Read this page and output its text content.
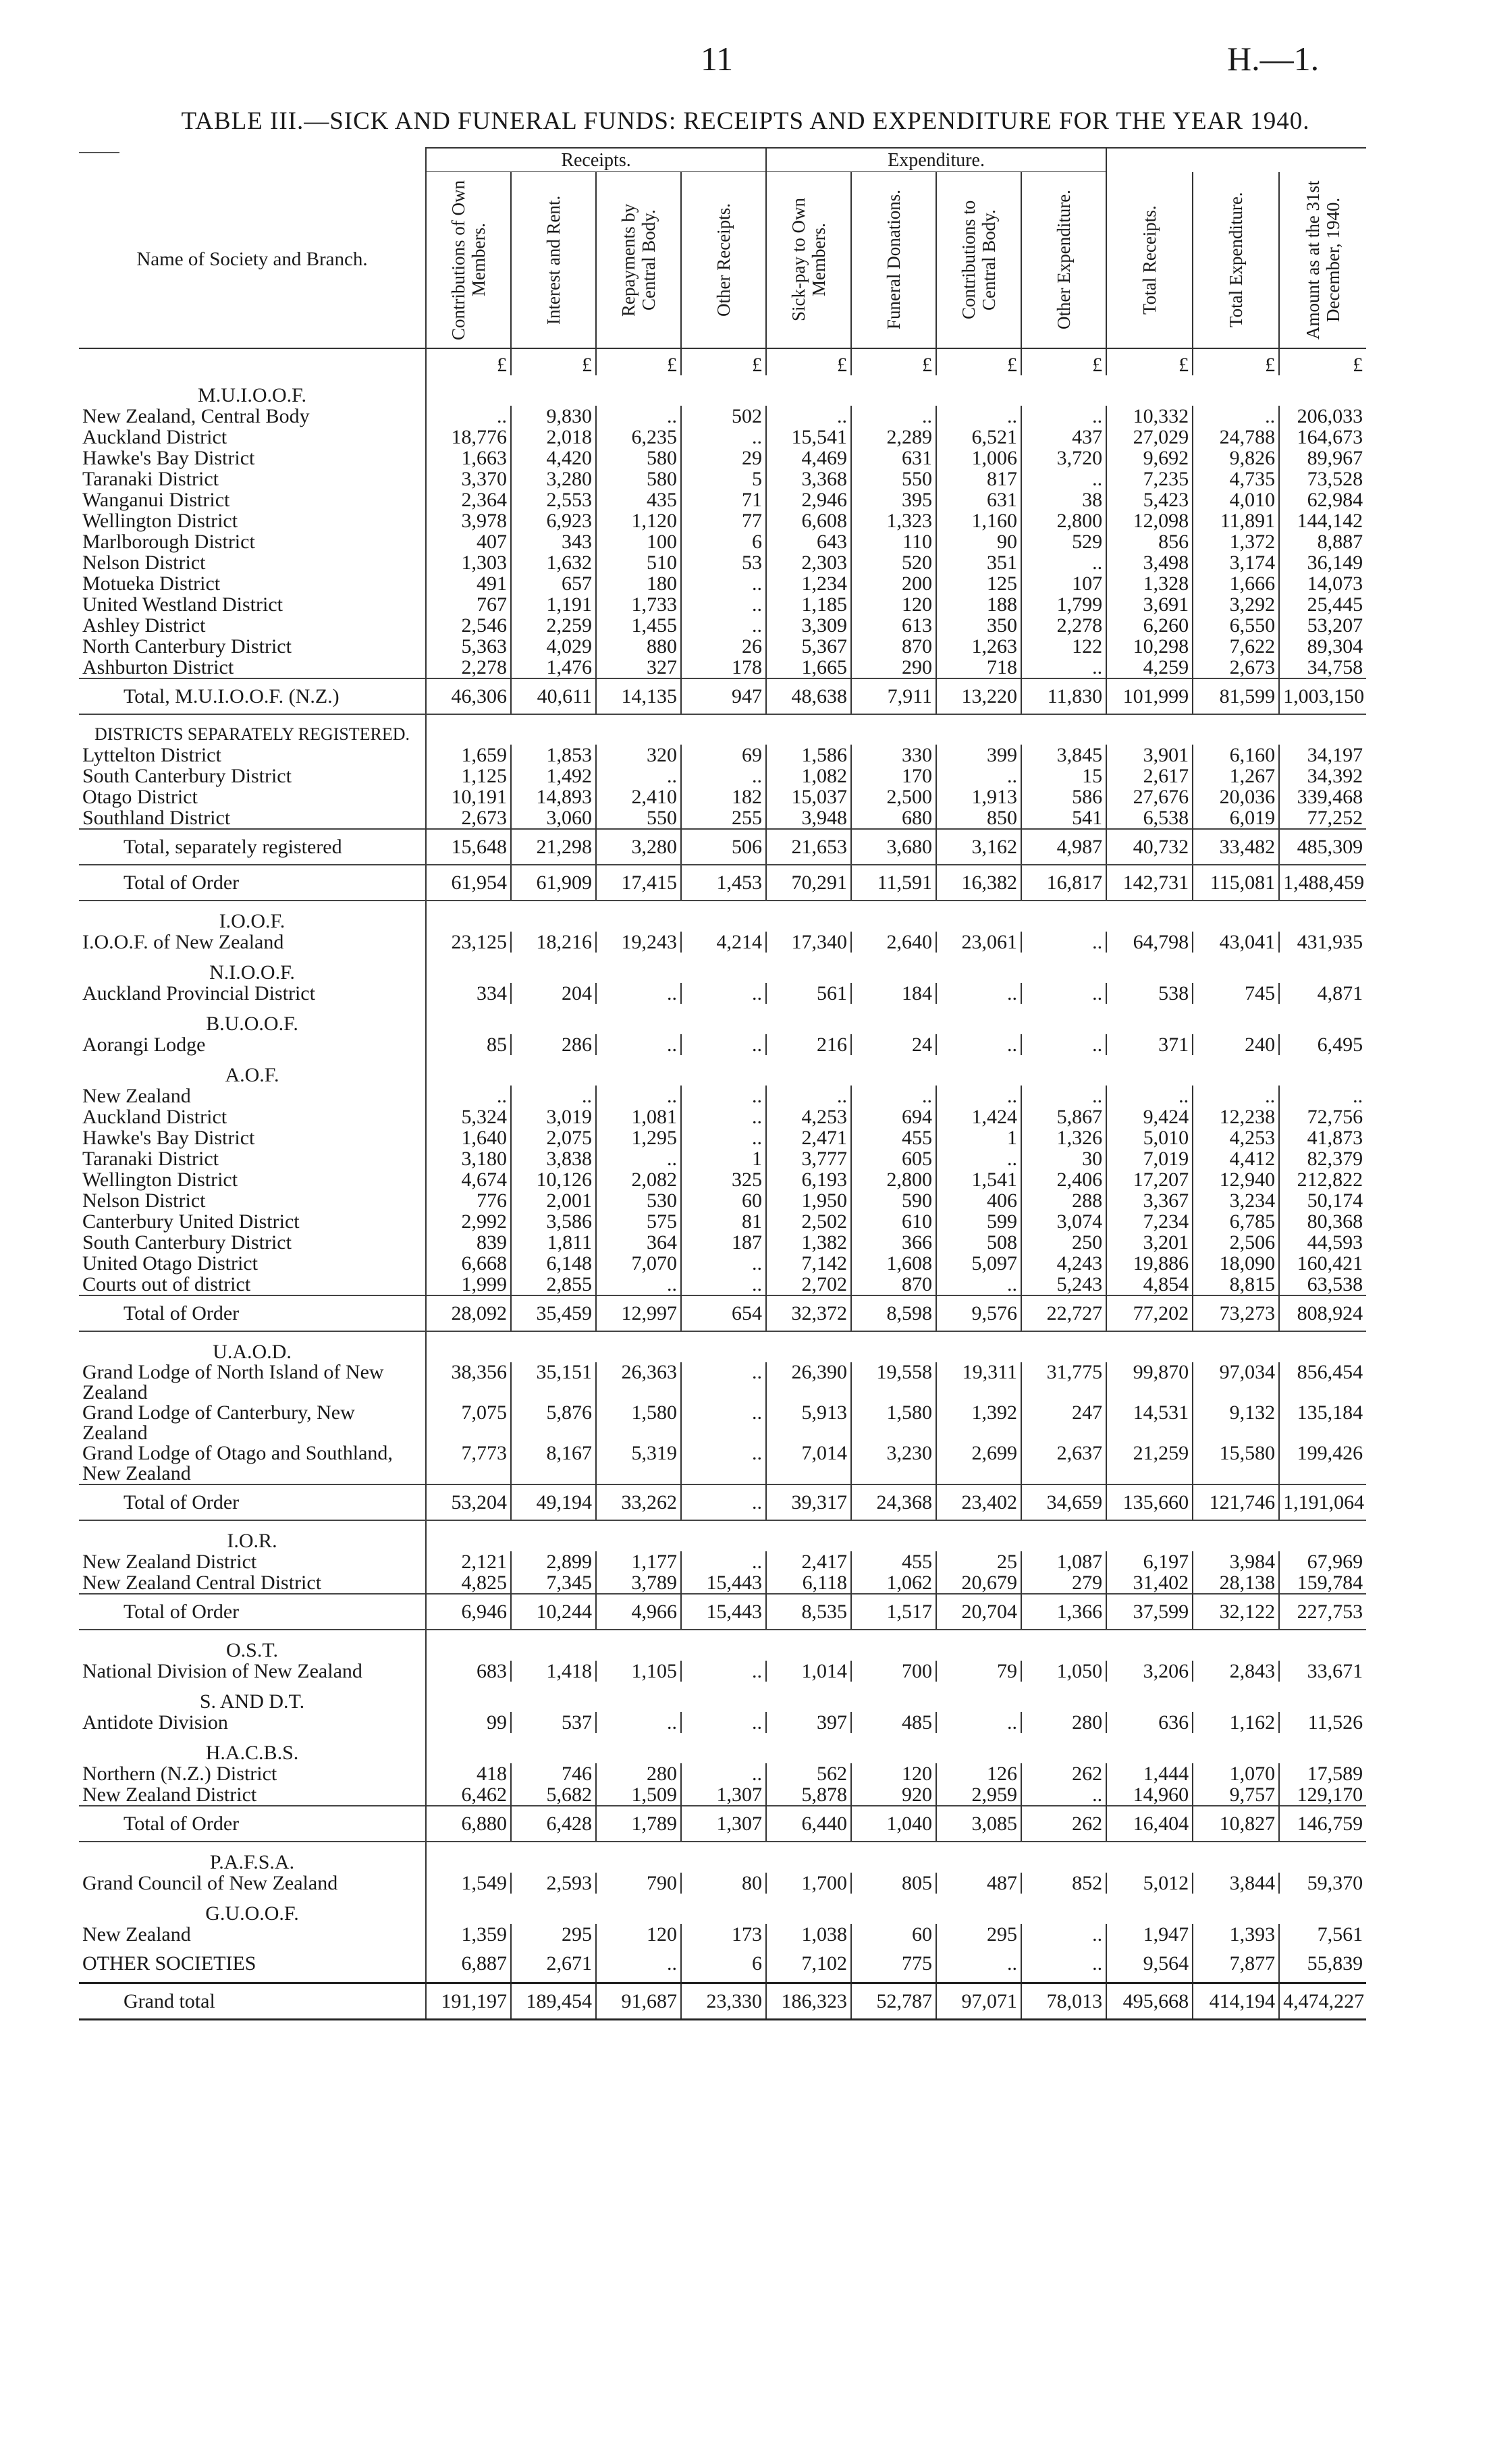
11	H.—1.
TABLE III.—SICK AND FUNERAL FUNDS: RECEIPTS AND EXPENDITURE FOR THE YEAR 1940.
	Receipts.				Expenditure.						
Name of Society and Branch.	Contributions of Own Members.	Interest and Rent.	Repayments by Central Body.	Other Receipts.	Sick-pay to Own Members.	Funeral Donations.	Contributions to Central Body.	Other Expenditure.	Total Receipts.	Total Expenditure.	Amount as at the 31st December, 1940.

	£	£	£	£	£	£	£	£	£	£	£
M.U.I.O.O.F.											
New Zealand, Central Body	..	9,830	..	502	..	..	..	..	10,332	..	206,033
Auckland District	18,776	2,018	6,235	..	15,541	2,289	6,521	437	27,029	24,788	164,673
Hawke's Bay District	1,663	4,420	580	29	4,469	631	1,006	3,720	9,692	9,826	89,967
Taranaki District	3,370	3,280	580	5	3,368	550	817	..	7,235	4,735	73,528
Wanganui District	2,364	2,553	435	71	2,946	395	631	38	5,423	4,010	62,984
Wellington District	3,978	6,923	1,120	77	6,608	1,323	1,160	2,800	12,098	11,891	144,142
Marlborough District	407	343	100	6	643	110	90	529	856	1,372	8,887
Nelson District	1,303	1,632	510	53	2,303	520	351	..	3,498	3,174	36,149
Motueka District	491	657	180	..	1,234	200	125	107	1,328	1,666	14,073
United Westland District	767	1,191	1,733	..	1,185	120	188	1,799	3,691	3,292	25,445
Ashley District	2,546	2,259	1,455	..	3,309	613	350	2,278	6,260	6,550	53,207
North Canterbury District	5,363	4,029	880	26	5,367	870	1,263	122	10,298	7,622	89,304
Ashburton District	2,278	1,476	327	178	1,665	290	718	..	4,259	2,673	34,758
Total, M.U.I.O.O.F. (N.Z.)	46,306	40,611	14,135	947	48,638	7,911	13,220	11,830	101,999	81,599	1,003,150
DISTRICTS SEPARATELY REGISTERED.											
Lyttelton District	1,659	1,853	320	69	1,586	330	399	3,845	3,901	6,160	34,197
South Canterbury District	1,125	1,492	..	..	1,082	170	..	15	2,617	1,267	34,392
Otago District	10,191	14,893	2,410	182	15,037	2,500	1,913	586	27,676	20,036	339,468
Southland District	2,673	3,060	550	255	3,948	680	850	541	6,538	6,019	77,252
Total, separately registered	15,648	21,298	3,280	506	21,653	3,680	3,162	4,987	40,732	33,482	485,309
Total of Order	61,954	61,909	17,415	1,453	70,291	11,591	16,382	16,817	142,731	115,081	1,488,459
I.O.O.F.											
I.O.O.F. of New Zealand	23,125	18,216	19,243	4,214	17,340	2,640	23,061	..	64,798	43,041	431,935
N.I.O.O.F.											
Auckland Provincial District	334	204	..	..	561	184	..	..	538	745	4,871
B.U.O.O.F.											
Aorangi Lodge	85	286	..	..	216	24	..	..	371	240	6,495
A.O.F.											
New Zealand	..	..	..	..	..	..	..	..	..	..	..
Auckland District	5,324	3,019	1,081	..	4,253	694	1,424	5,867	9,424	12,238	72,756
Hawke's Bay District	1,640	2,075	1,295	..	2,471	455	1	1,326	5,010	4,253	41,873
Taranaki District	3,180	3,838	..	1	3,777	605	..	30	7,019	4,412	82,379
Wellington District	4,674	10,126	2,082	325	6,193	2,800	1,541	2,406	17,207	12,940	212,822
Nelson District	776	2,001	530	60	1,950	590	406	288	3,367	3,234	50,174
Canterbury United District	2,992	3,586	575	81	2,502	610	599	3,074	7,234	6,785	80,368
South Canterbury District	839	1,811	364	187	1,382	366	508	250	3,201	2,506	44,593
United Otago District	6,668	6,148	7,070	..	7,142	1,608	5,097	4,243	19,886	18,090	160,421
Courts out of district	1,999	2,855	..	..	2,702	870	..	5,243	4,854	8,815	63,538
Total of Order	28,092	35,459	12,997	654	32,372	8,598	9,576	22,727	77,202	73,273	808,924
U.A.O.D.											
Grand Lodge of North Island of New Zealand	38,356	35,151	26,363	..	26,390	19,558	19,311	31,775	99,870	97,034	856,454
Grand Lodge of Canterbury, New Zealand	7,075	5,876	1,580	..	5,913	1,580	1,392	247	14,531	9,132	135,184
Grand Lodge of Otago and Southland, New Zealand	7,773	8,167	5,319	..	7,014	3,230	2,699	2,637	21,259	15,580	199,426
Total of Order	53,204	49,194	33,262	..	39,317	24,368	23,402	34,659	135,660	121,746	1,191,064
I.O.R.											
New Zealand District	2,121	2,899	1,177	..	2,417	455	25	1,087	6,197	3,984	67,969
New Zealand Central District	4,825	7,345	3,789	15,443	6,118	1,062	20,679	279	31,402	28,138	159,784
Total of Order	6,946	10,244	4,966	15,443	8,535	1,517	20,704	1,366	37,599	32,122	227,753
O.S.T.											
National Division of New Zealand	683	1,418	1,105	..	1,014	700	79	1,050	3,206	2,843	33,671
S. AND D.T.											
Antidote Division	99	537	..	..	397	485	..	280	636	1,162	11,526
H.A.C.B.S.											
Northern (N.Z.) District	418	746	280	..	562	120	126	262	1,444	1,070	17,589
New Zealand District	6,462	5,682	1,509	1,307	5,878	920	2,959	..	14,960	9,757	129,170
Total of Order	6,880	6,428	1,789	1,307	6,440	1,040	3,085	262	16,404	10,827	146,759
P.A.F.S.A.											
Grand Council of New Zealand	1,549	2,593	790	80	1,700	805	487	852	5,012	3,844	59,370
G.U.O.O.F.											
New Zealand	1,359	295	120	173	1,038	60	295	..	1,947	1,393	7,561
OTHER SOCIETIES	6,887	2,671	..	6	7,102	775	..	..	9,564	7,877	55,839
Grand total	191,197	189,454	91,687	23,330	186,323	52,787	97,071	78,013	495,668	414,194	4,474,227
